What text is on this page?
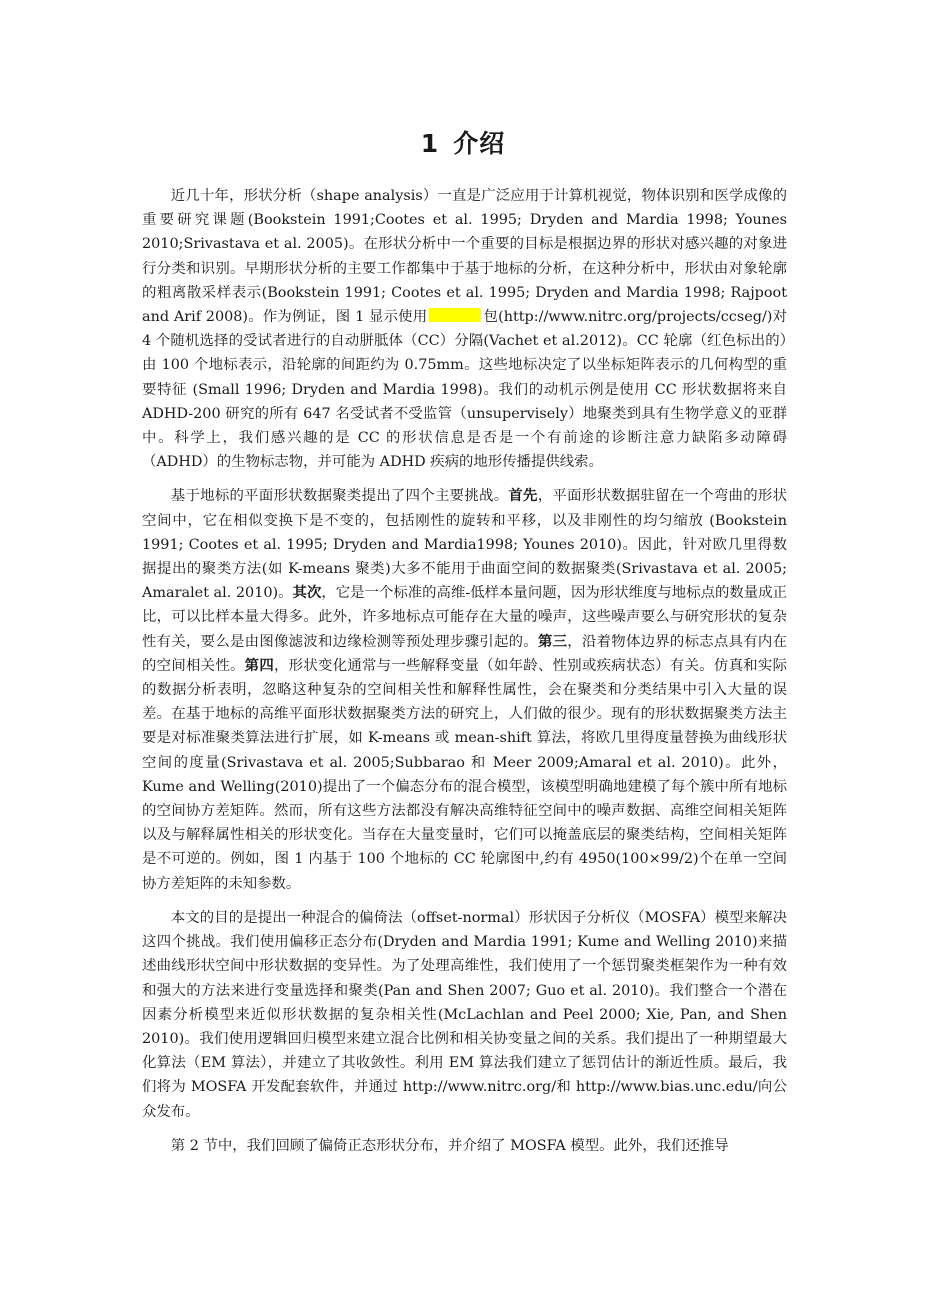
1 介绍

近几十年，形状分析（shape analysis）一直是广泛应用于计算机视觉，物体识别和医学成像的重要研究课题(Bookstein 1991;Cootes et al. 1995; Dryden and Mardia 1998; Younes 2010;Srivastava et al. 2005)。在形状分析中一个重要的目标是根据边界的形状对感兴趣的对象进行分类和识别。早期形状分析的主要工作都集中于基于地标的分析，在这种分析中，形状由对象轮廓的粗离散采样表示(Bookstein 1991; Cootes et al. 1995; Dryden and Mardia 1998; Rajpoot and Arif 2008)。作为例证，图 1 显示使用	包(http://www.nitrc.org/projects/ccseg/)对 4 个随机选择的受试者进行的自动胼胝体（CC）分隔(Vachet et al.2012)。CC 轮廓（红色标出的）由 100 个地标表示，沿轮廓的间距约为 0.75mm。这些地标决定了以坐标矩阵表示的几何构型的重要特征 (Small 1996; Dryden and Mardia 1998)。我们的动机示例是使用 CC 形状数据将来自 ADHD-200 研究的所有 647 名受试者不受监管（unsupervisely）地聚类到具有生物学意义的亚群中。科学上，我们感兴趣的是 CC 的形状信息是否是一个有前途的诊断注意力缺陷多动障碍（ADHD）的生物标志物，并可能为 ADHD 疾病的地形传播提供线索。

基于地标的平面形状数据聚类提出了四个主要挑战。首先，平面形状数据驻留在一个弯曲的形状空间中，它在相似变换下是不变的，包括刚性的旋转和平移，以及非刚性的均匀缩放 (Bookstein 1991; Cootes et al. 1995; Dryden and Mardia1998; Younes 2010)。因此，针对欧几里得数据提出的聚类方法(如 K-means 聚类)大多不能用于曲面空间的数据聚类(Srivastava et al. 2005; Amaralet al. 2010)。其次，它是一个标准的高维-低样本量问题，因为形状维度与地标点的数量成正比，可以比样本量大得多。此外，许多地标点可能存在大量的噪声，这些噪声要么与研究形状的复杂性有关，要么是由图像滤波和边缘检测等预处理步骤引起的。第三，沿着物体边界的标志点具有内在的空间相关性。第四，形状变化通常与一些解释变量（如年龄、性别或疾病状态）有关。仿真和实际的数据分析表明，忽略这种复杂的空间相关性和解释性属性，会在聚类和分类结果中引入大量的误差。在基于地标的高维平面形状数据聚类方法的研究上，人们做的很少。现有的形状数据聚类方法主要是对标准聚类算法进行扩展，如 K-means 或 mean-shift 算法，将欧几里得度量替换为曲线形状空间的度量(Srivastava et al. 2005;Subbarao 和 Meer 2009;Amaral et al. 2010)。此外，Kume and Welling(2010)提出了一个偏态分布的混合模型，该模型明确地建模了每个簇中所有地标的空间协方差矩阵。然而，所有这些方法都没有解决高维特征空间中的噪声数据、高维空间相关矩阵以及与解释属性相关的形状变化。当存在大量变量时，它们可以掩盖底层的聚类结构，空间相关矩阵是不可逆的。例如，图 1 内基于 100 个地标的 CC 轮廓图中,约有 4950(100×99/2)个在单一空间协方差矩阵的未知参数。

本文的目的是提出一种混合的偏倚法（offset-normal）形状因子分析仪（MOSFA）模型来解决这四个挑战。我们使用偏移正态分布(Dryden and Mardia 1991; Kume and Welling 2010)来描述曲线形状空间中形状数据的变异性。为了处理高维性，我们使用了一个惩罚聚类框架作为一种有效和强大的方法来进行变量选择和聚类(Pan and Shen 2007; Guo et al. 2010)。我们整合一个潜在因素分析模型来近似形状数据的复杂相关性(McLachlan and Peel 2000; Xie, Pan, and Shen 2010)。我们使用逻辑回归模型来建立混合比例和相关协变量之间的关系。我们提出了一种期望最大化算法（EM 算法），并建立了其收敛性。利用 EM 算法我们建立了惩罚估计的渐近性质。最后，我们将为 MOSFA 开发配套软件，并通过 http://www.nitrc.org/和 http://www.bias.unc.edu/向公众发布。

第 2 节中，我们回顾了偏倚正态形状分布，并介绍了 MOSFA 模型。此外，我们还推导
